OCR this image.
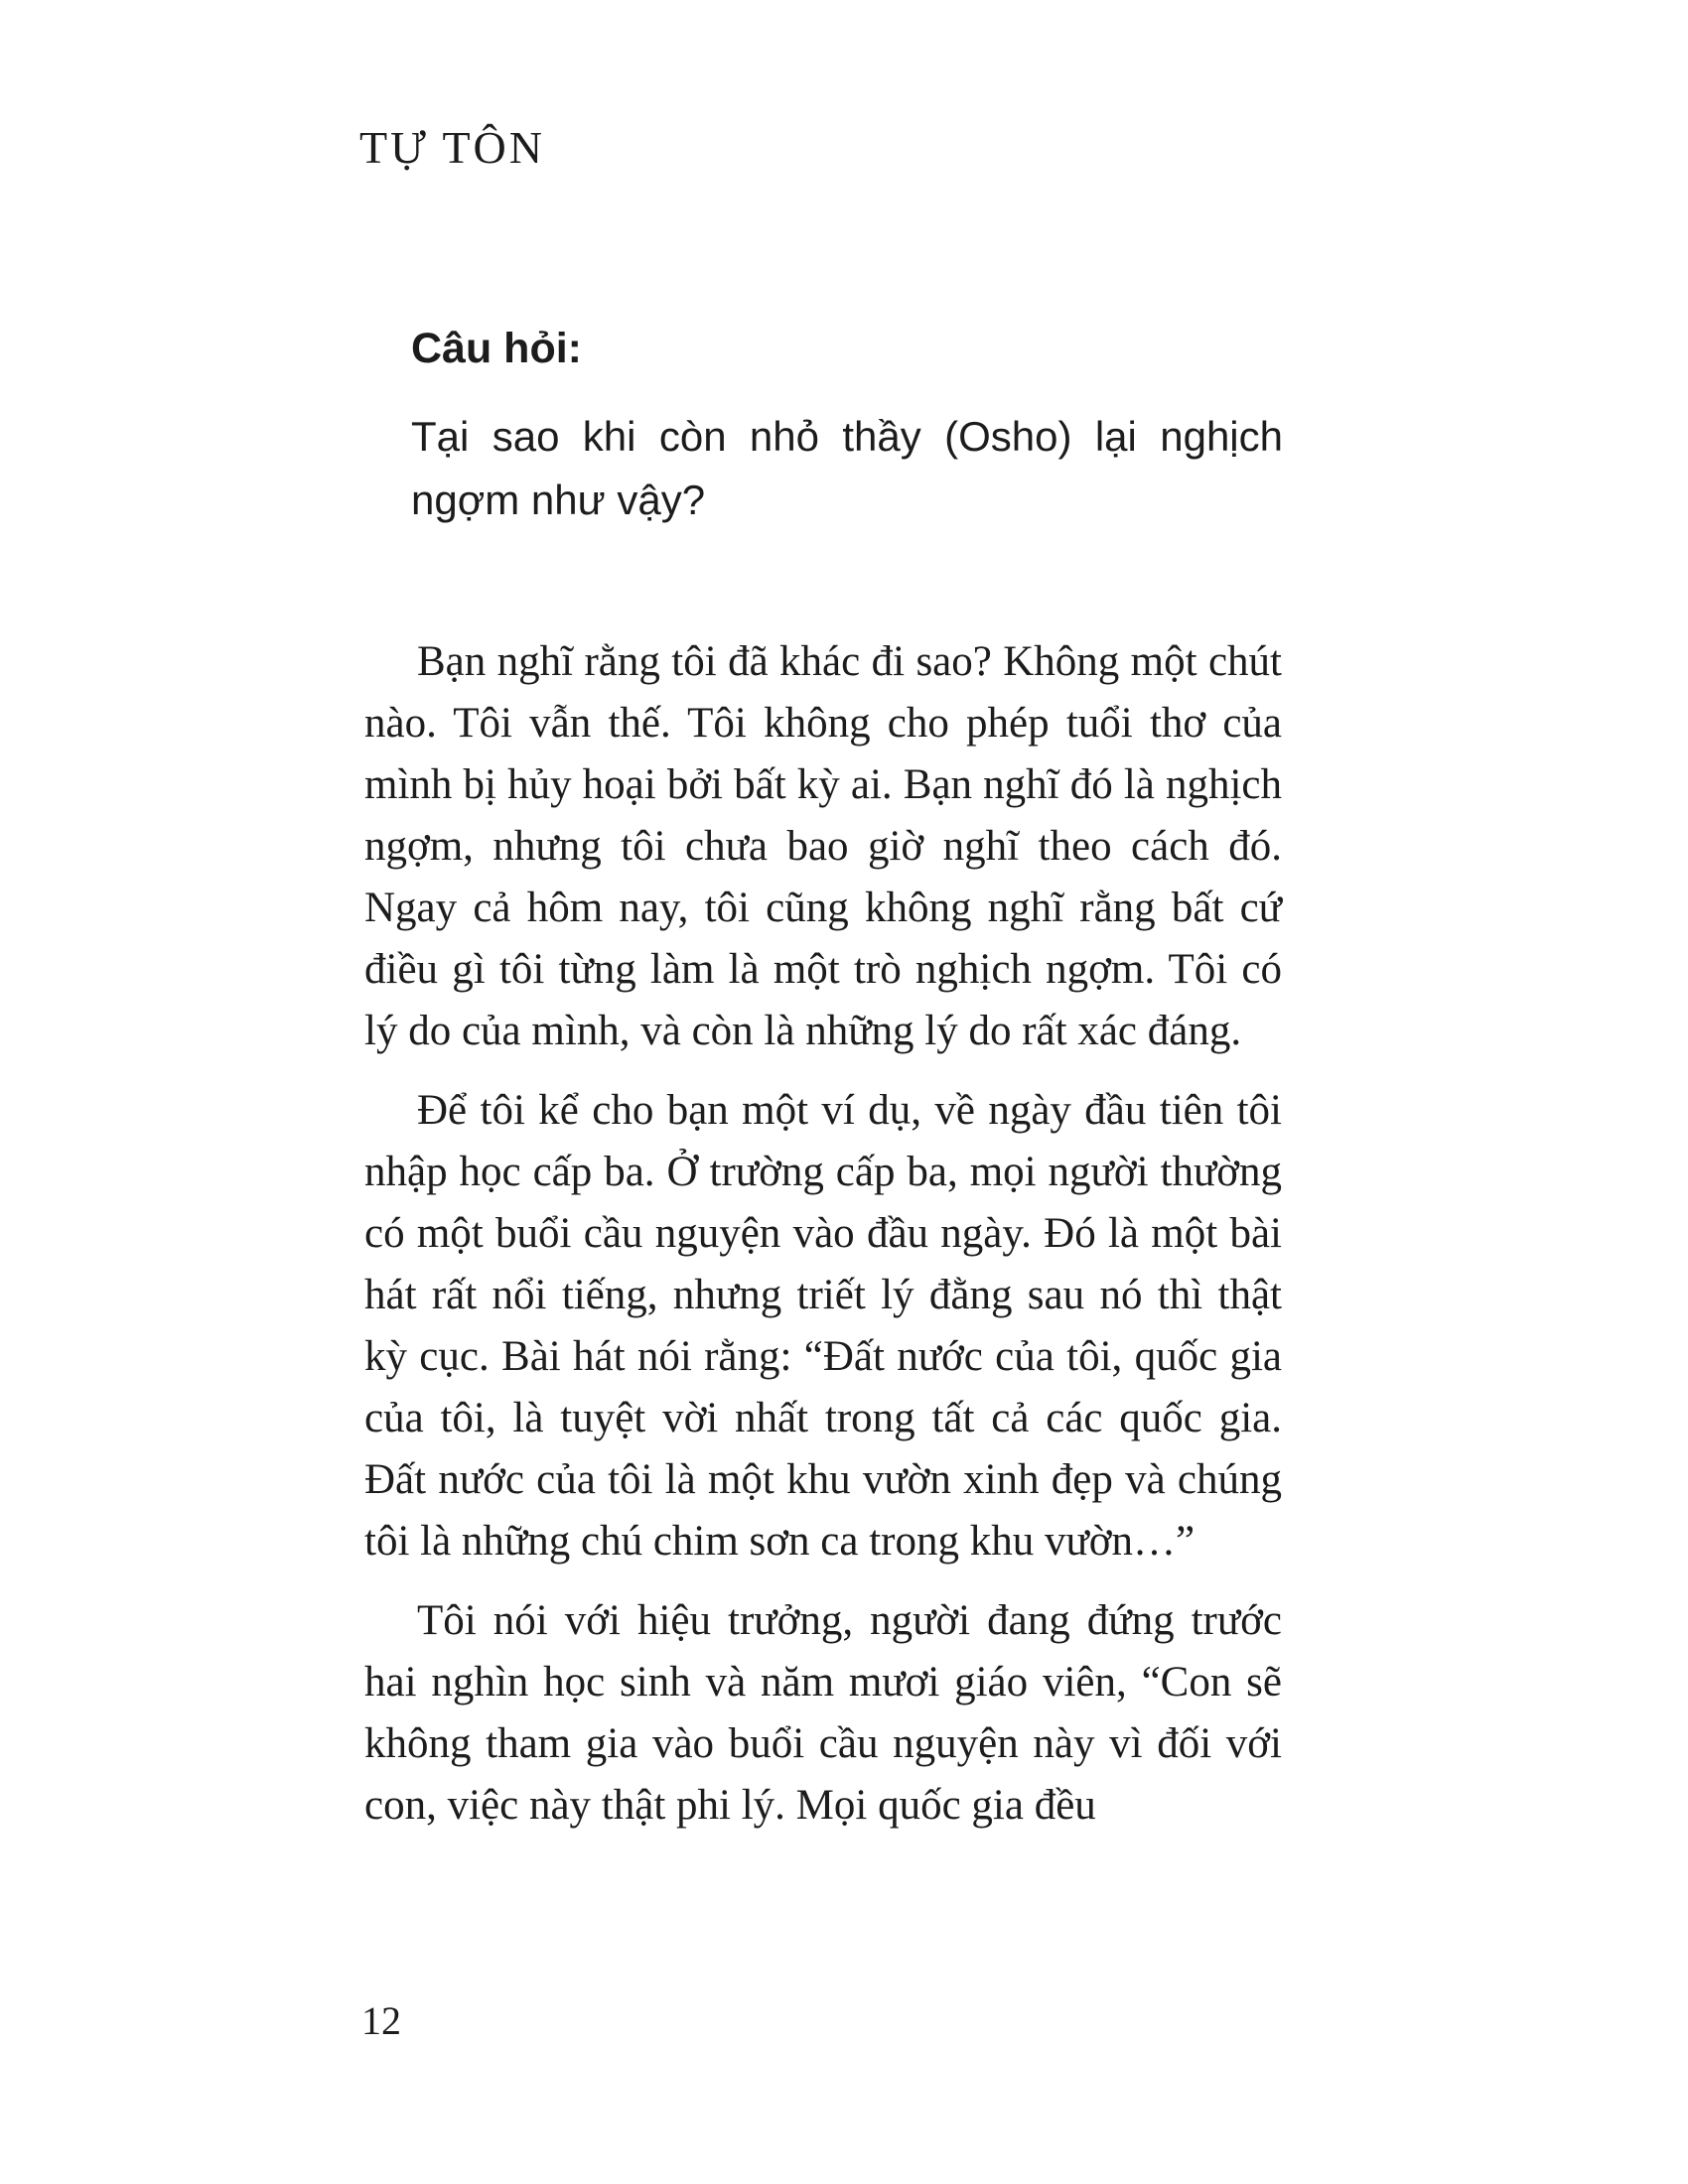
TỰ TÔN

Câu hỏi:

Tại sao khi còn nhỏ thầy (Osho) lại nghịch ngợm như vậy?

Bạn nghĩ rằng tôi đã khác đi sao? Không một chút nào. Tôi vẫn thế. Tôi không cho phép tuổi thơ của mình bị hủy hoại bởi bất kỳ ai. Bạn nghĩ đó là nghịch ngợm, nhưng tôi chưa bao giờ nghĩ theo cách đó. Ngay cả hôm nay, tôi cũng không nghĩ rằng bất cứ điều gì tôi từng làm là một trò nghịch ngợm. Tôi có lý do của mình, và còn là những lý do rất xác đáng.

Để tôi kể cho bạn một ví dụ, về ngày đầu tiên tôi nhập học cấp ba. Ở trường cấp ba, mọi người thường có một buổi cầu nguyện vào đầu ngày. Đó là một bài hát rất nổi tiếng, nhưng triết lý đằng sau nó thì thật kỳ cục. Bài hát nói rằng: “Đất nước của tôi, quốc gia của tôi, là tuyệt vời nhất trong tất cả các quốc gia. Đất nước của tôi là một khu vườn xinh đẹp và chúng tôi là những chú chim sơn ca trong khu vườn…”

Tôi nói với hiệu trưởng, người đang đứng trước hai nghìn học sinh và năm mươi giáo viên, “Con sẽ không tham gia vào buổi cầu nguyện này vì đối với con, việc này thật phi lý. Mọi quốc gia đều

12
